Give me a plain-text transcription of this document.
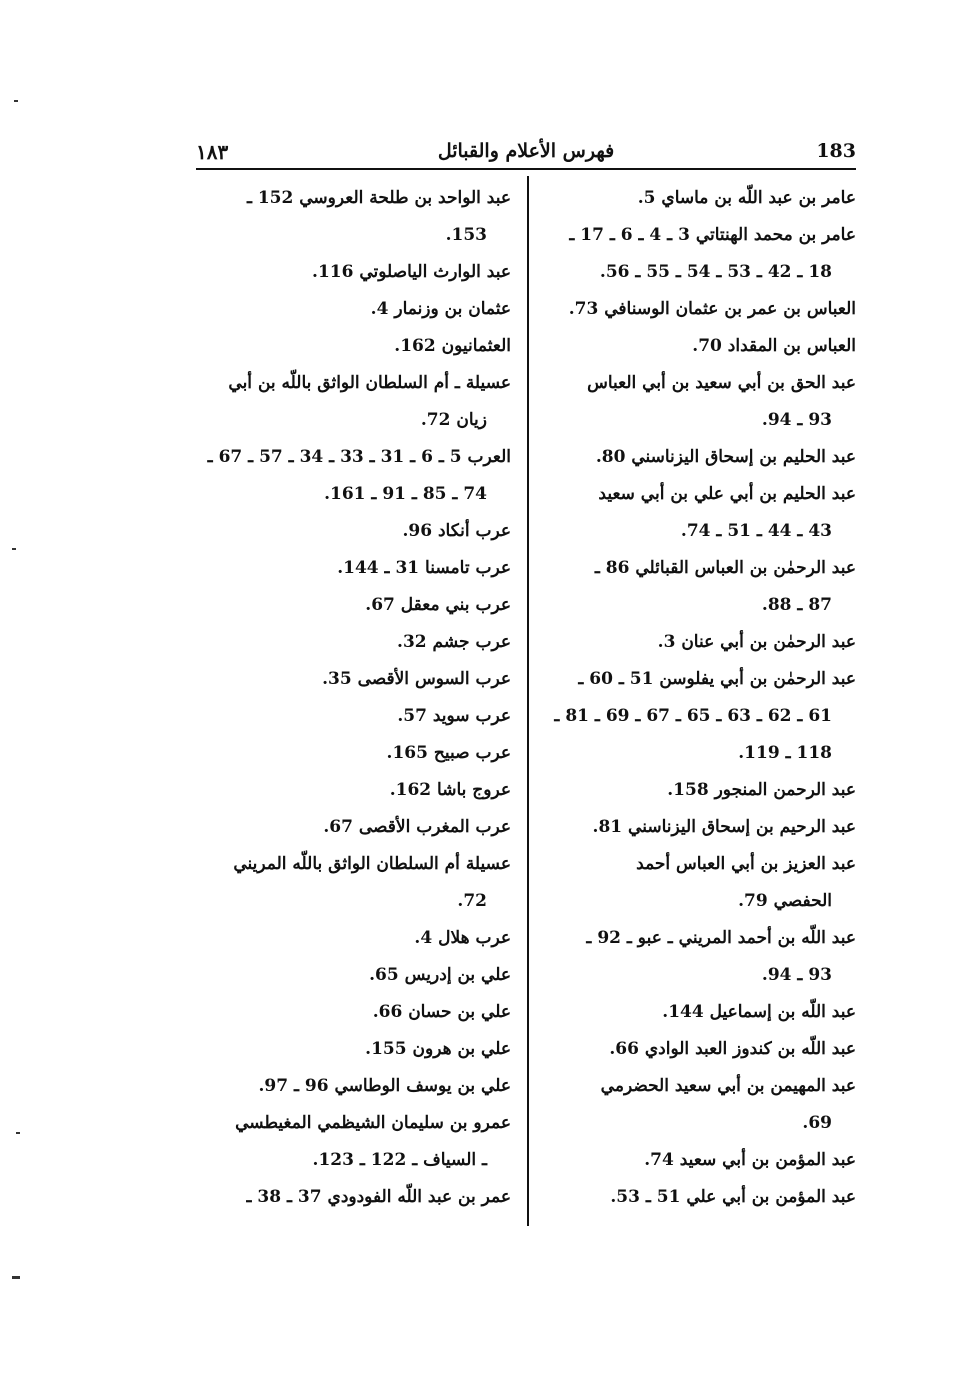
١٨٣	فهرس الأعلام والقبائل	183
عامر بن عبد اللّه بن ماساي 5.
عامر بن محمد الهنتاتي 3 ـ 4 ـ 6 ـ 17 ـ
18 ـ 42 ـ 53 ـ 54 ـ 55 ـ 56.
العباس بن عمر بن عثمان الوسنافي 73.
العباس بن المقداد 70.
عبد الحق بن أبي سعيد بن أبي العباس
93 ـ 94.
عبد الحليم بن إسحاق اليزناسني 80.
عبد الحليم بن أبي علي بن أبي سعيد
43 ـ 44 ـ 51 ـ 74.
عبد الرحمٰن بن العباس القبائلي 86 ـ
87 ـ 88.
عبد الرحمٰن بن أبي عنان 3.
عبد الرحمٰن بن أبي يفلوسن 51 ـ 60 ـ
61 ـ 62 ـ 63 ـ 65 ـ 67 ـ 69 ـ 81 ـ
118 ـ 119.
عبد الرحمن المنجور 158.
عبد الرحيم بن إسحاق اليزناسني 81.
عبد العزيز بن أبي العباس أحمد
الحفصي 79.
عبد اللّه بن أحمد المريني ـ عبو ـ 92 ـ
93 ـ 94.
عبد اللّه بن إسماعيل 144.
عبد اللّه بن كندوز العبد الوادي 66.
عبد المهيمن بن أبي سعيد الحضرمي
69.
عبد المؤمن بن أبي سعيد 74.
عبد المؤمن بن أبي علي 51 ـ 53.
عبد الواحد بن طلحة العروسي 152 ـ
153.
عبد الوارث الياصلوتي 116.
عثمان بن وزنمار 4.
العثمانيون 162.
عسيلة ـ أم السلطان الواثق باللّه بن أبي
زيان 72.
العرب 5 ـ 6 ـ 31 ـ 33 ـ 34 ـ 57 ـ 67 ـ
74 ـ 85 ـ 91 ـ 161.
عرب أنكاد 96.
عرب تامسنا 31 ـ 144.
عرب بني معقل 67.
عرب جشم 32.
عرب السوس الأقصى 35.
عرب سويد 57.
عرب صبيح 165.
عروج باشا 162.
عرب المغرب الأقصى 67.
عسيلة أم السلطان الواثق باللّه المريني
72.
عرب هلال 4.
علي بن إدريس 65.
علي بن حسان 66.
علي بن هرون 155.
علي بن يوسف الوطاسي 96 ـ 97.
عمرو بن سليمان الشيظمي المغيطسي
ـ السياف ـ 122 ـ 123.
عمر بن عبد اللّه الفودودي 37 ـ 38 ـ
